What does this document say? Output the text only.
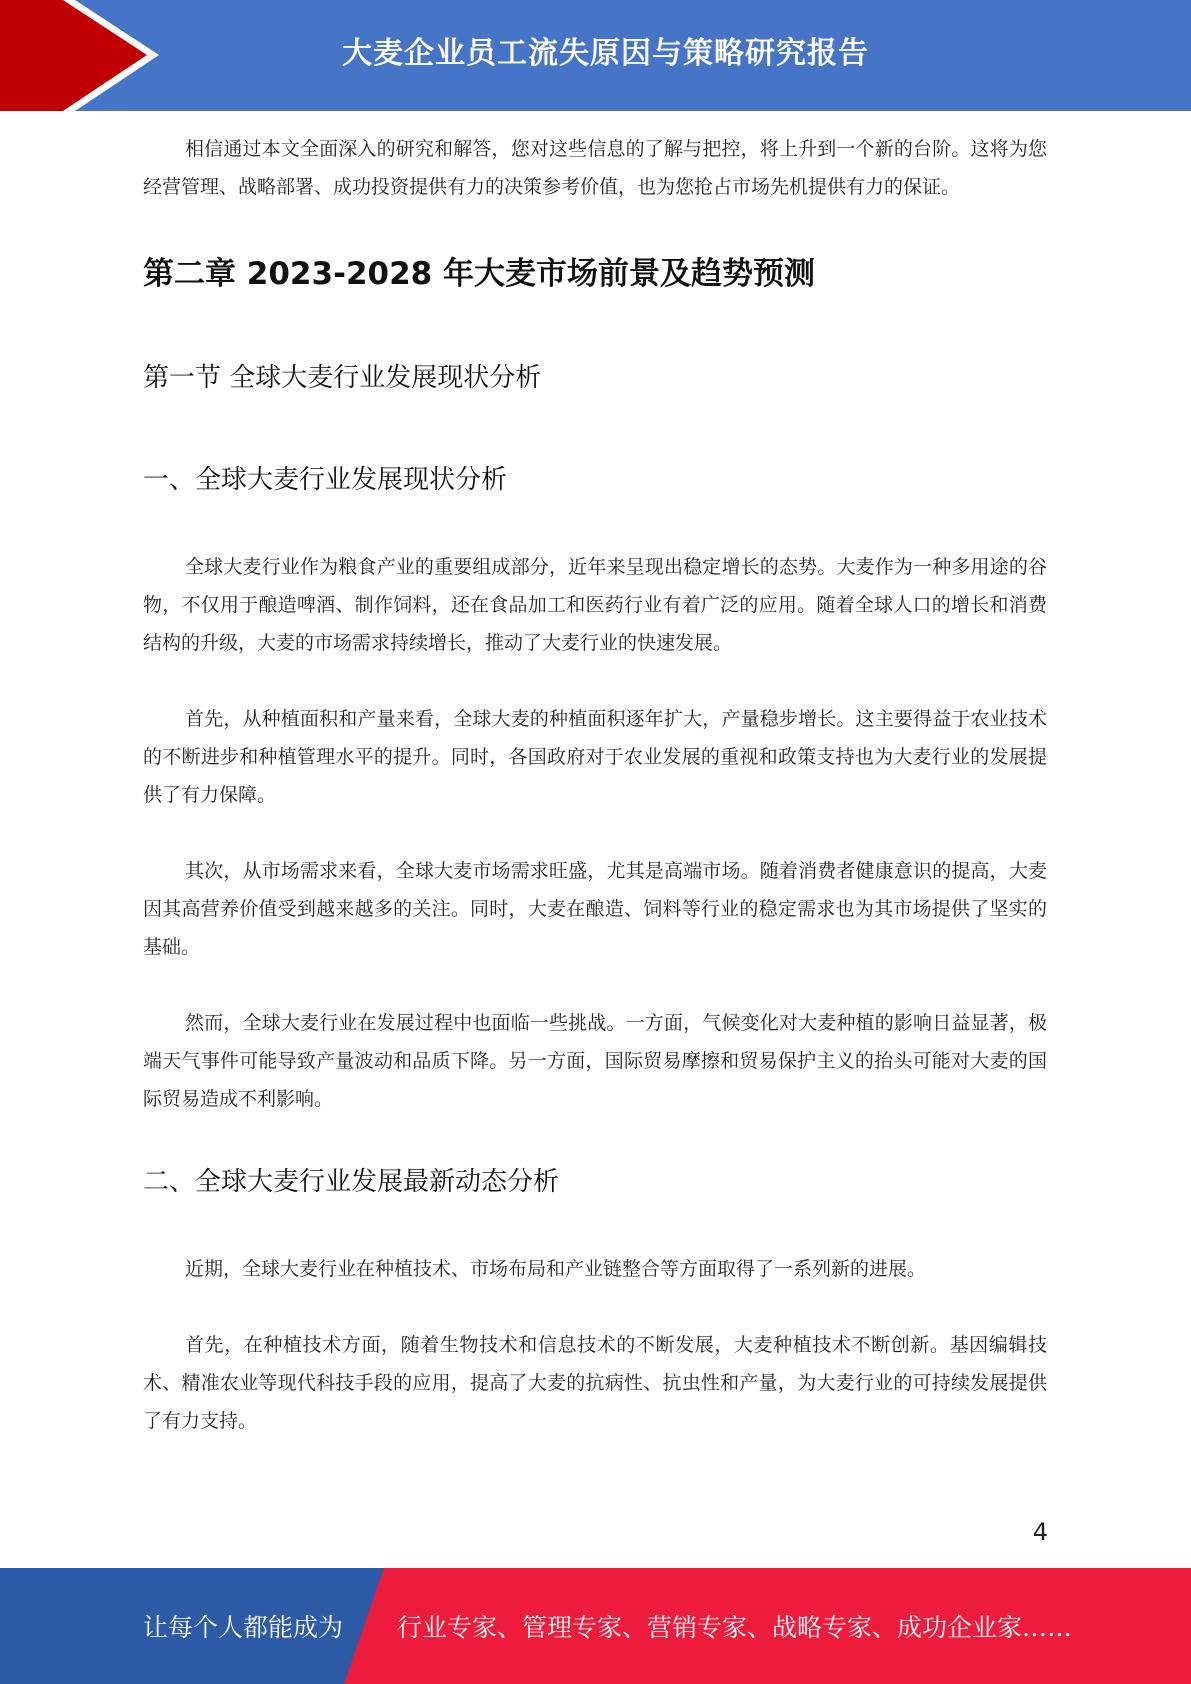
大麦企业员工流失原因与策略研究报告

相信通过本文全面深入的研究和解答，您对这些信息的了解与把控，将上升到一个新的台阶。这将为您经营管理、战略部署、成功投资提供有力的决策参考价值，也为您抢占市场先机提供有力的保证。

第二章 2023-2028 年大麦市场前景及趋势预测
第一节 全球大麦行业发展现状分析
一、全球大麦行业发展现状分析

全球大麦行业作为粮食产业的重要组成部分，近年来呈现出稳定增长的态势。大麦作为一种多用途的谷物，不仅用于酿造啤酒、制作饲料，还在食品加工和医药行业有着广泛的应用。随着全球人口的增长和消费结构的升级，大麦的市场需求持续增长，推动了大麦行业的快速发展。

首先，从种植面积和产量来看，全球大麦的种植面积逐年扩大，产量稳步增长。这主要得益于农业技术的不断进步和种植管理水平的提升。同时，各国政府对于农业发展的重视和政策支持也为大麦行业的发展提供了有力保障。

其次，从市场需求来看，全球大麦市场需求旺盛，尤其是高端市场。随着消费者健康意识的提高，大麦因其高营养价值受到越来越多的关注。同时，大麦在酿造、饲料等行业的稳定需求也为其市场提供了坚实的基础。

然而，全球大麦行业在发展过程中也面临一些挑战。一方面，气候变化对大麦种植的影响日益显著，极端天气事件可能导致产量波动和品质下降。另一方面，国际贸易摩擦和贸易保护主义的抬头可能对大麦的国际贸易造成不利影响。

二、全球大麦行业发展最新动态分析

近期，全球大麦行业在种植技术、市场布局和产业链整合等方面取得了一系列新的进展。

首先，在种植技术方面，随着生物技术和信息技术的不断发展，大麦种植技术不断创新。基因编辑技术、精准农业等现代科技手段的应用，提高了大麦的抗病性、抗虫性和产量，为大麦行业的可持续发展提供了有力支持。

4
让每个人都能成为 行业专家、管理专家、营销专家、战略专家、成功企业家……
